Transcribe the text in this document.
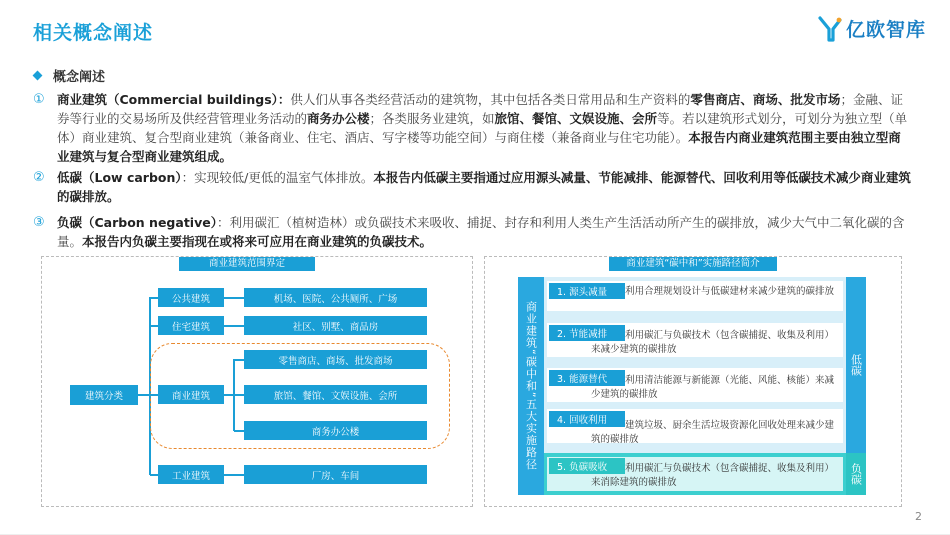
相关概念阐述	亿欧智库
概念阐述
① 商业建筑（Commercial buildings）：供人们从事各类经营活动的建筑物，其中包括各类日常用品和生产资料的零售商店、商场、批发市场；金融、证券等行业的交易场所及供经营管理业务活动的商务办公楼；各类服务业建筑，如旅馆、餐馆、文娱设施、会所等。若以建筑形式划分，可划分为独立型（单体）商业建筑、复合型商业建筑（兼备商业、住宅、酒店、写字楼等功能空间）与商住楼（兼备商业与住宅功能）。本报告内商业建筑范围主要由独立型商业建筑与复合型商业建筑组成。
② 低碳（Low carbon）：实现较低/更低的温室气体排放。本报告内低碳主要指通过应用源头减量、节能减排、能源替代、回收利用等低碳技术减少商业建筑的碳排放。
③ 负碳（Carbon negative）：利用碳汇（植树造林）或负碳技术来吸收、捕捉、封存和利用人类生产生活活动所产生的碳排放，减少大气中二氧化碳的含量。本报告内负碳主要指现在或将来可应用在商业建筑的负碳技术。
商业建筑范围界定
建筑分类
公共建筑	机场、医院、公共厕所、广场
住宅建筑	社区、别墅、商品房
商业建筑
零售商店、商场、批发商场
旅馆、餐馆、文娱设施、会所
商务办公楼
工业建筑	厂房、车间
商业建筑“碳中和”实施路径简介
商业建筑“碳中和”五大实施路径	低碳
负碳
1. 源头减量	利用合理规划设计与低碳建材来减少建筑的碳排放
2. 节能减排	利用碳汇与负碳技术（包含碳捕捉、收集及利用）来减少建筑的碳排放
3. 能源替代	利用清洁能源与新能源（光能、风能、核能）来减少建筑的碳排放
4. 回收利用	建筑垃圾、厨余生活垃圾资源化回收处理来减少建筑的碳排放
5. 负碳吸收	利用碳汇与负碳技术（包含碳捕捉、收集及利用）来消除建筑的碳排放
2
